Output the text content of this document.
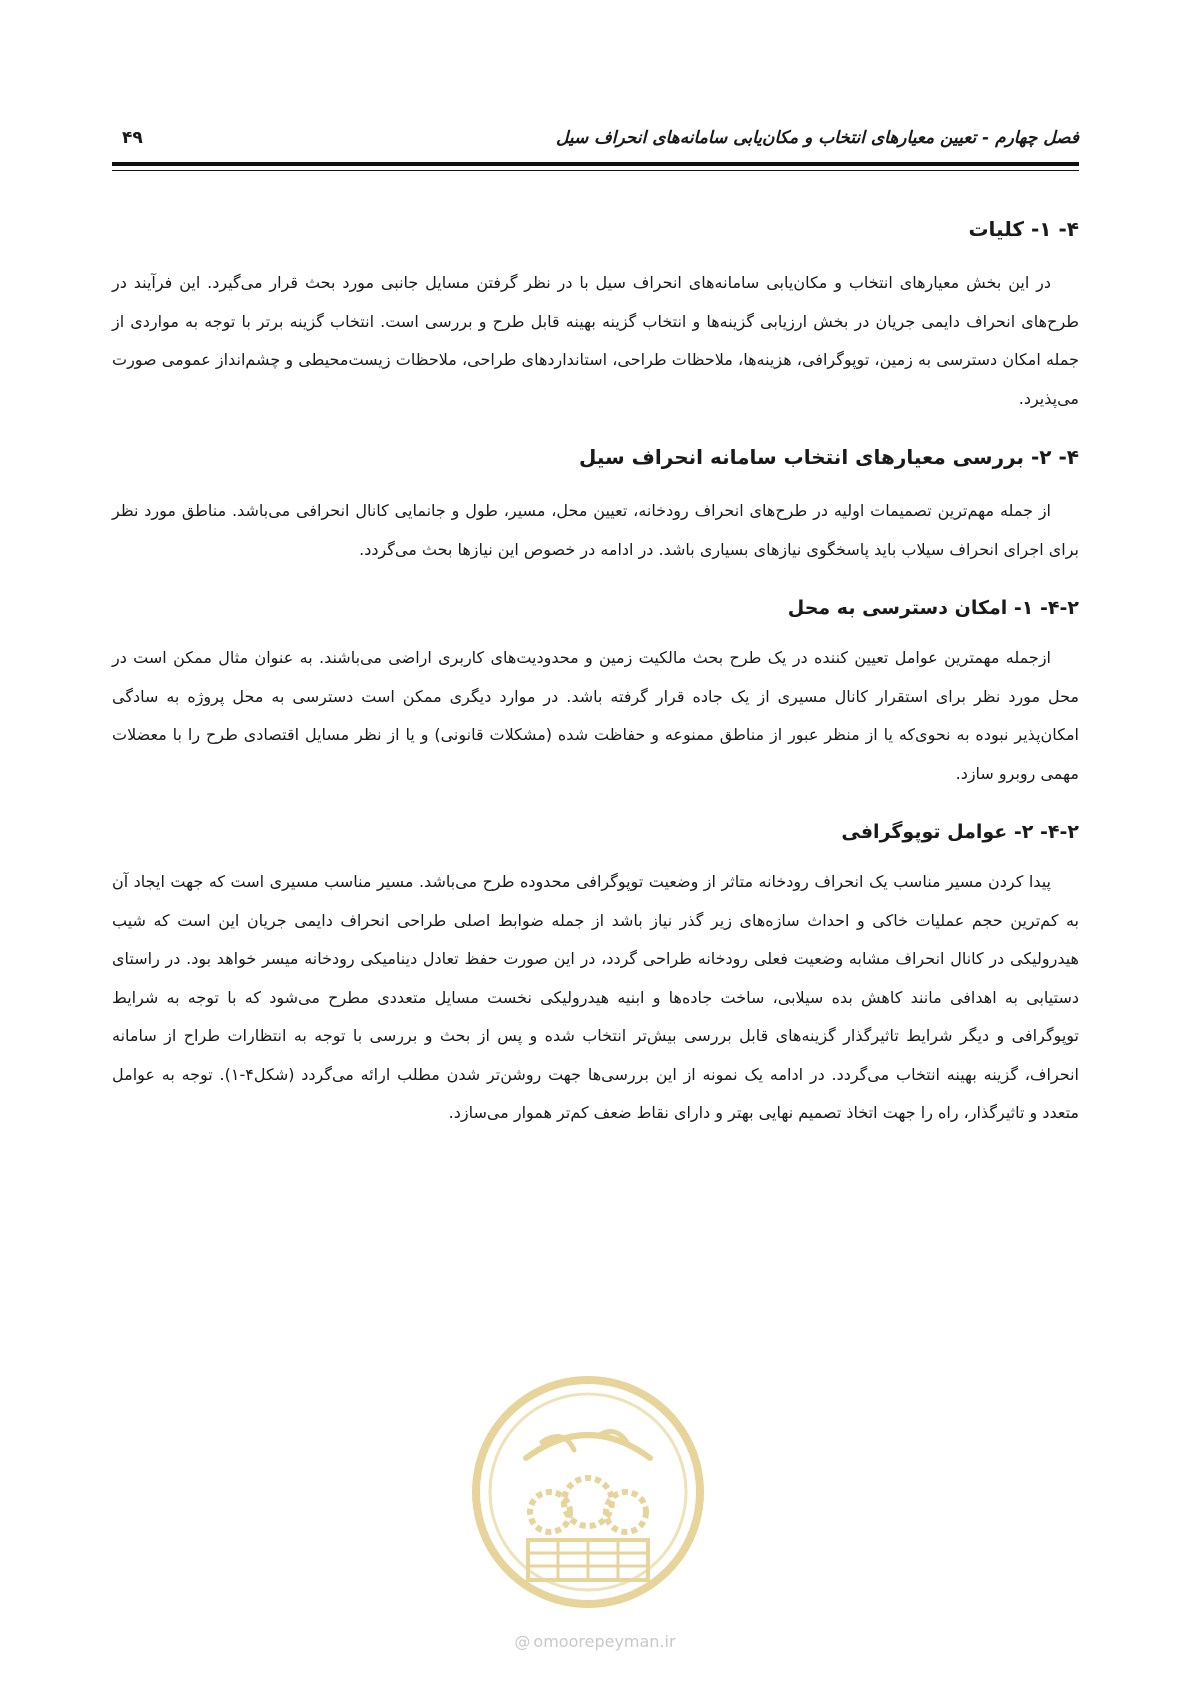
فصل چهارم - تعیین معیارهای انتخاب و مکان‌یابی سامانه‌های انحراف سیل
۴۹
۴- ۱- کلیات

در این بخش معیارهای انتخاب و مکان‌یابی سامانه‌های انحراف سیل با در نظر گرفتن مسایل جانبی مورد بحث قرار می‌گیرد. این فرآیند در طرح‌های انحراف دایمی جریان در بخش ارزیابی گزینه‌ها و انتخاب گزینه بهینه قابل طرح و بررسی است. انتخاب گزینه برتر با توجه به مواردی از جمله امکان دسترسی به زمین، توپوگرافی، هزینه‌ها، ملاحظات طراحی، استانداردهای طراحی، ملاحظات زیست‌محیطی و چشم‌انداز عمومی صورت می‌پذیرد.

۴- ۲- بررسی معیارهای انتخاب سامانه انحراف سیل

از جمله مهم‌ترین تصمیمات اولیه در طرح‌های انحراف رودخانه، تعیین محل، مسیر، طول و جانمایی کانال انحرافی می‌باشد. مناطق مورد نظر برای اجرای انحراف سیلاب باید پاسخگوی نیازهای بسیاری باشد. در ادامه در خصوص این نیازها بحث می‌گردد.

۴-۲- ۱- امکان دسترسی به محل

ازجمله مهمترین عوامل تعیین کننده در یک طرح بحث مالکیت زمین و محدودیت‌های کاربری اراضی می‌باشند. به عنوان مثال ممکن است در محل مورد نظر برای استقرار کانال مسیری از یک جاده قرار گرفته باشد. در موارد دیگری ممکن است دسترسی به محل پروژه به سادگی امکان‌پذیر نبوده به نحوی‌که یا از منظر عبور از مناطق ممنوعه و حفاظت شده (مشکلات قانونی) و یا از نظر مسایل اقتصادی طرح را با معضلات مهمی روبرو سازد.

۴-۲- ۲- عوامل توپوگرافی

پیدا کردن مسیر مناسب یک انحراف رودخانه متاثر از وضعیت توپوگرافی محدوده طرح می‌باشد. مسیر مناسب مسیری است که جهت ایجاد آن به کم‌ترین حجم عملیات خاکی و احداث سازه‌های زیر گذر نیاز باشد از جمله ضوابط اصلی طراحی انحراف دایمی جریان این است که شیب هیدرولیکی در کانال انحراف مشابه وضعیت فعلی رودخانه طراحی گردد، در این صورت حفظ تعادل دینامیکی رودخانه میسر خواهد بود. در راستای دستیابی به اهدافی مانند کاهش بده سیلابی، ساخت جاده‌ها و ابنیه هیدرولیکی نخست مسایل متعددی مطرح می‌شود که با توجه به شرایط توپوگرافی و دیگر شرایط تاثیرگذار گزینه‌های قابل بررسی بیش‌تر انتخاب شده و پس از بحث و بررسی با توجه به انتظارات طراح از سامانه انحراف، گزینه بهینه انتخاب می‌گردد. در ادامه یک نمونه از این بررسی‌ها جهت روشن‌تر شدن مطلب ارائه می‌گردد (شکل۴-۱). توجه به عوامل متعدد و تاثیرگذار، راه را جهت اتخاذ تصمیم نهایی بهتر و دارای نقاط ضعف کم‌تر هموار می‌سازد.

@ omoorepeyman.ir
